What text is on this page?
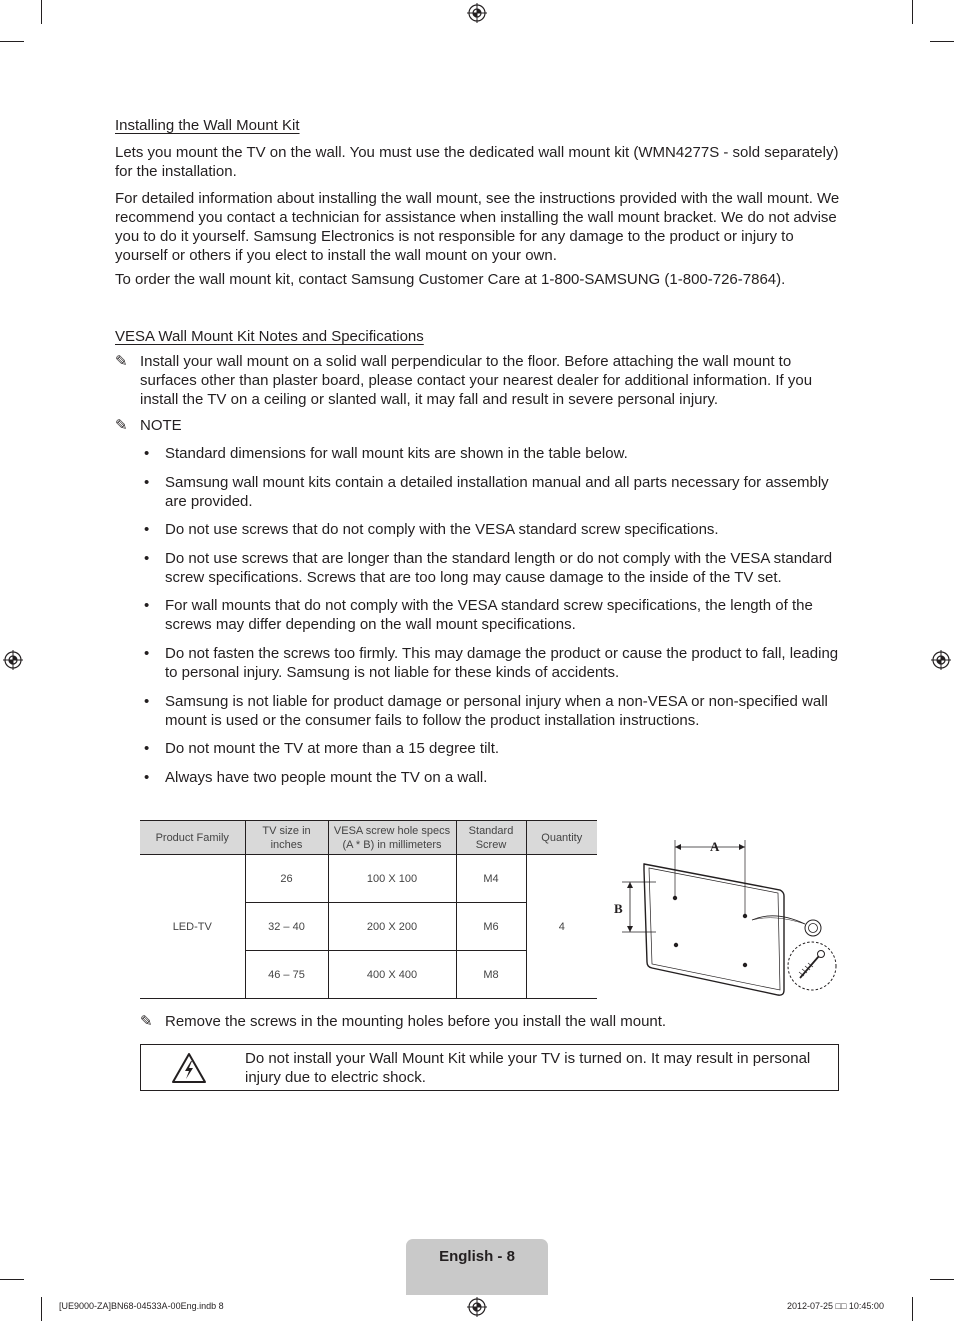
Installing the Wall Mount Kit

Lets you mount the TV on the wall. You must use the dedicated wall mount kit (WMN4277S - sold separately) for the installation.

For detailed information about installing the wall mount, see the instructions provided with the wall mount. We recommend you contact a technician for assistance when installing the wall mount bracket. We do not advise you to do it yourself. Samsung Electronics is not responsible for any damage to the product or injury to yourself or others if you elect to install the wall mount on your own.

To order the wall mount kit, contact Samsung Customer Care at 1-800-SAMSUNG (1-800-726-7864).

VESA Wall Mount Kit Notes and Specifications
✎ Install your wall mount on a solid wall perpendicular to the floor. Before attaching the wall mount to surfaces other than plaster board, please contact your nearest dealer for additional information. If you install the TV on a ceiling or slanted wall, it may fall and result in severe personal injury.
✎ NOTE
• Standard dimensions for wall mount kits are shown in the table below.
• Samsung wall mount kits contain a detailed installation manual and all parts necessary for assembly are provided.
• Do not use screws that do not comply with the VESA standard screw specifications.
• Do not use screws that are longer than the standard length or do not comply with the VESA standard screw specifications. Screws that are too long may cause damage to the inside of the TV set.
• For wall mounts that do not comply with the VESA standard screw specifications, the length of the screws may differ depending on the wall mount specifications.
• Do not fasten the screws too firmly. This may damage the product or cause the product to fall, leading to personal injury. Samsung is not liable for these kinds of accidents.
• Samsung is not liable for product damage or personal injury when a non-VESA or non-specified wall mount is used or the consumer fails to follow the product installation instructions.
• Do not mount the TV at more than a 15 degree tilt.
• Always have two people mount the TV on a wall.
Product Family	TV size in inches	VESA screw hole specs (A * B) in millimeters	Standard Screw	Quantity
LED-TV	26	100 X 100	M4	4
	32 – 40	200 X 200	M6	
	46 – 75	400 X 400	M8	
A
B
✎ Remove the screws in the mounting holes before you install the wall mount.
Do not install your Wall Mount Kit while your TV is turned on. It may result in personal injury due to electric shock.
English - 8
[UE9000-ZA]BN68-04533A-00Eng.indb 8	2012-07-25 □□ 10:45:00
